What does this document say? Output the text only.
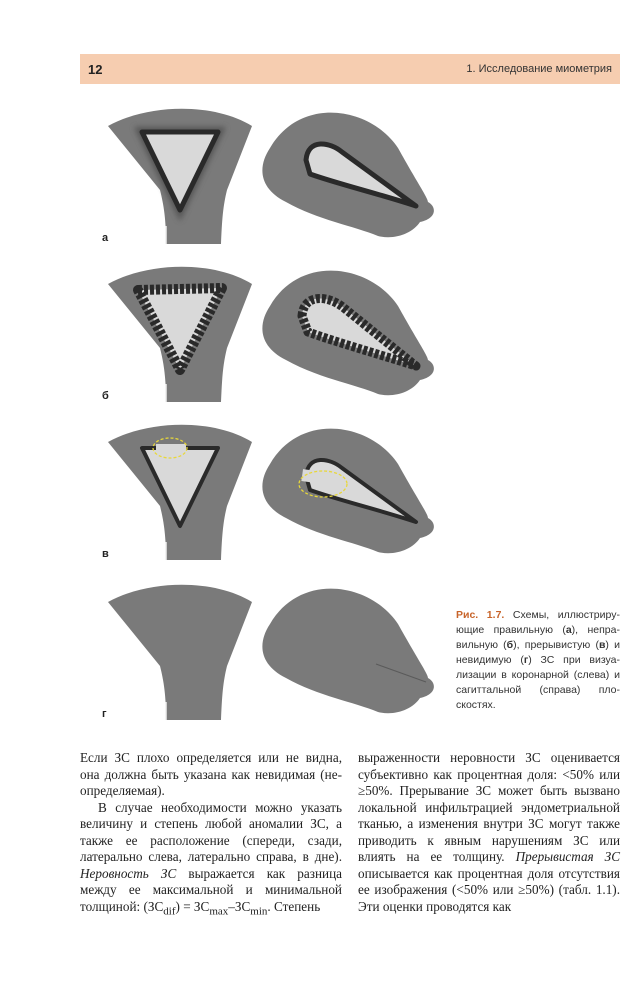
12	1. Исследование миометрия
а
б
в
г
Рис. 1.7. Схемы, иллюстрирующие правильную (а), неправильную (б), прерывистую (в) и невидимую (г) ЗС при визуализации в коронарной (слева) и сагиттальной (справа) плоскостях.

Если ЗС плохо определяется или не видна, она должна быть указана как невидимая (неопределяемая).

В случае необходимости можно указать величину и степень любой аномалии ЗС, а также ее расположение (спереди, сзади, латерально слева, латерально справа, в дне). Неровность ЗС выражается как разница между ее максимальной и минимальной толщиной: $(ЗС_{dif}) = ЗС_{max}-ЗС_{min}$. Степень

выраженности неровности ЗС оценивается субъективно как процентная доля: <50% или ≥50%. Прерывание ЗС может быть вызвано локальной инфильтрацией эндометриальной тканью, а изменения внутри ЗС могут также приводить к явным нарушениям ЗС или влиять на ее толщину. Прерывистая ЗС описывается как процентная доля отсутствия ее изображения (<50% или ≥50%) (табл. 1.1). Эти оценки проводятся как
